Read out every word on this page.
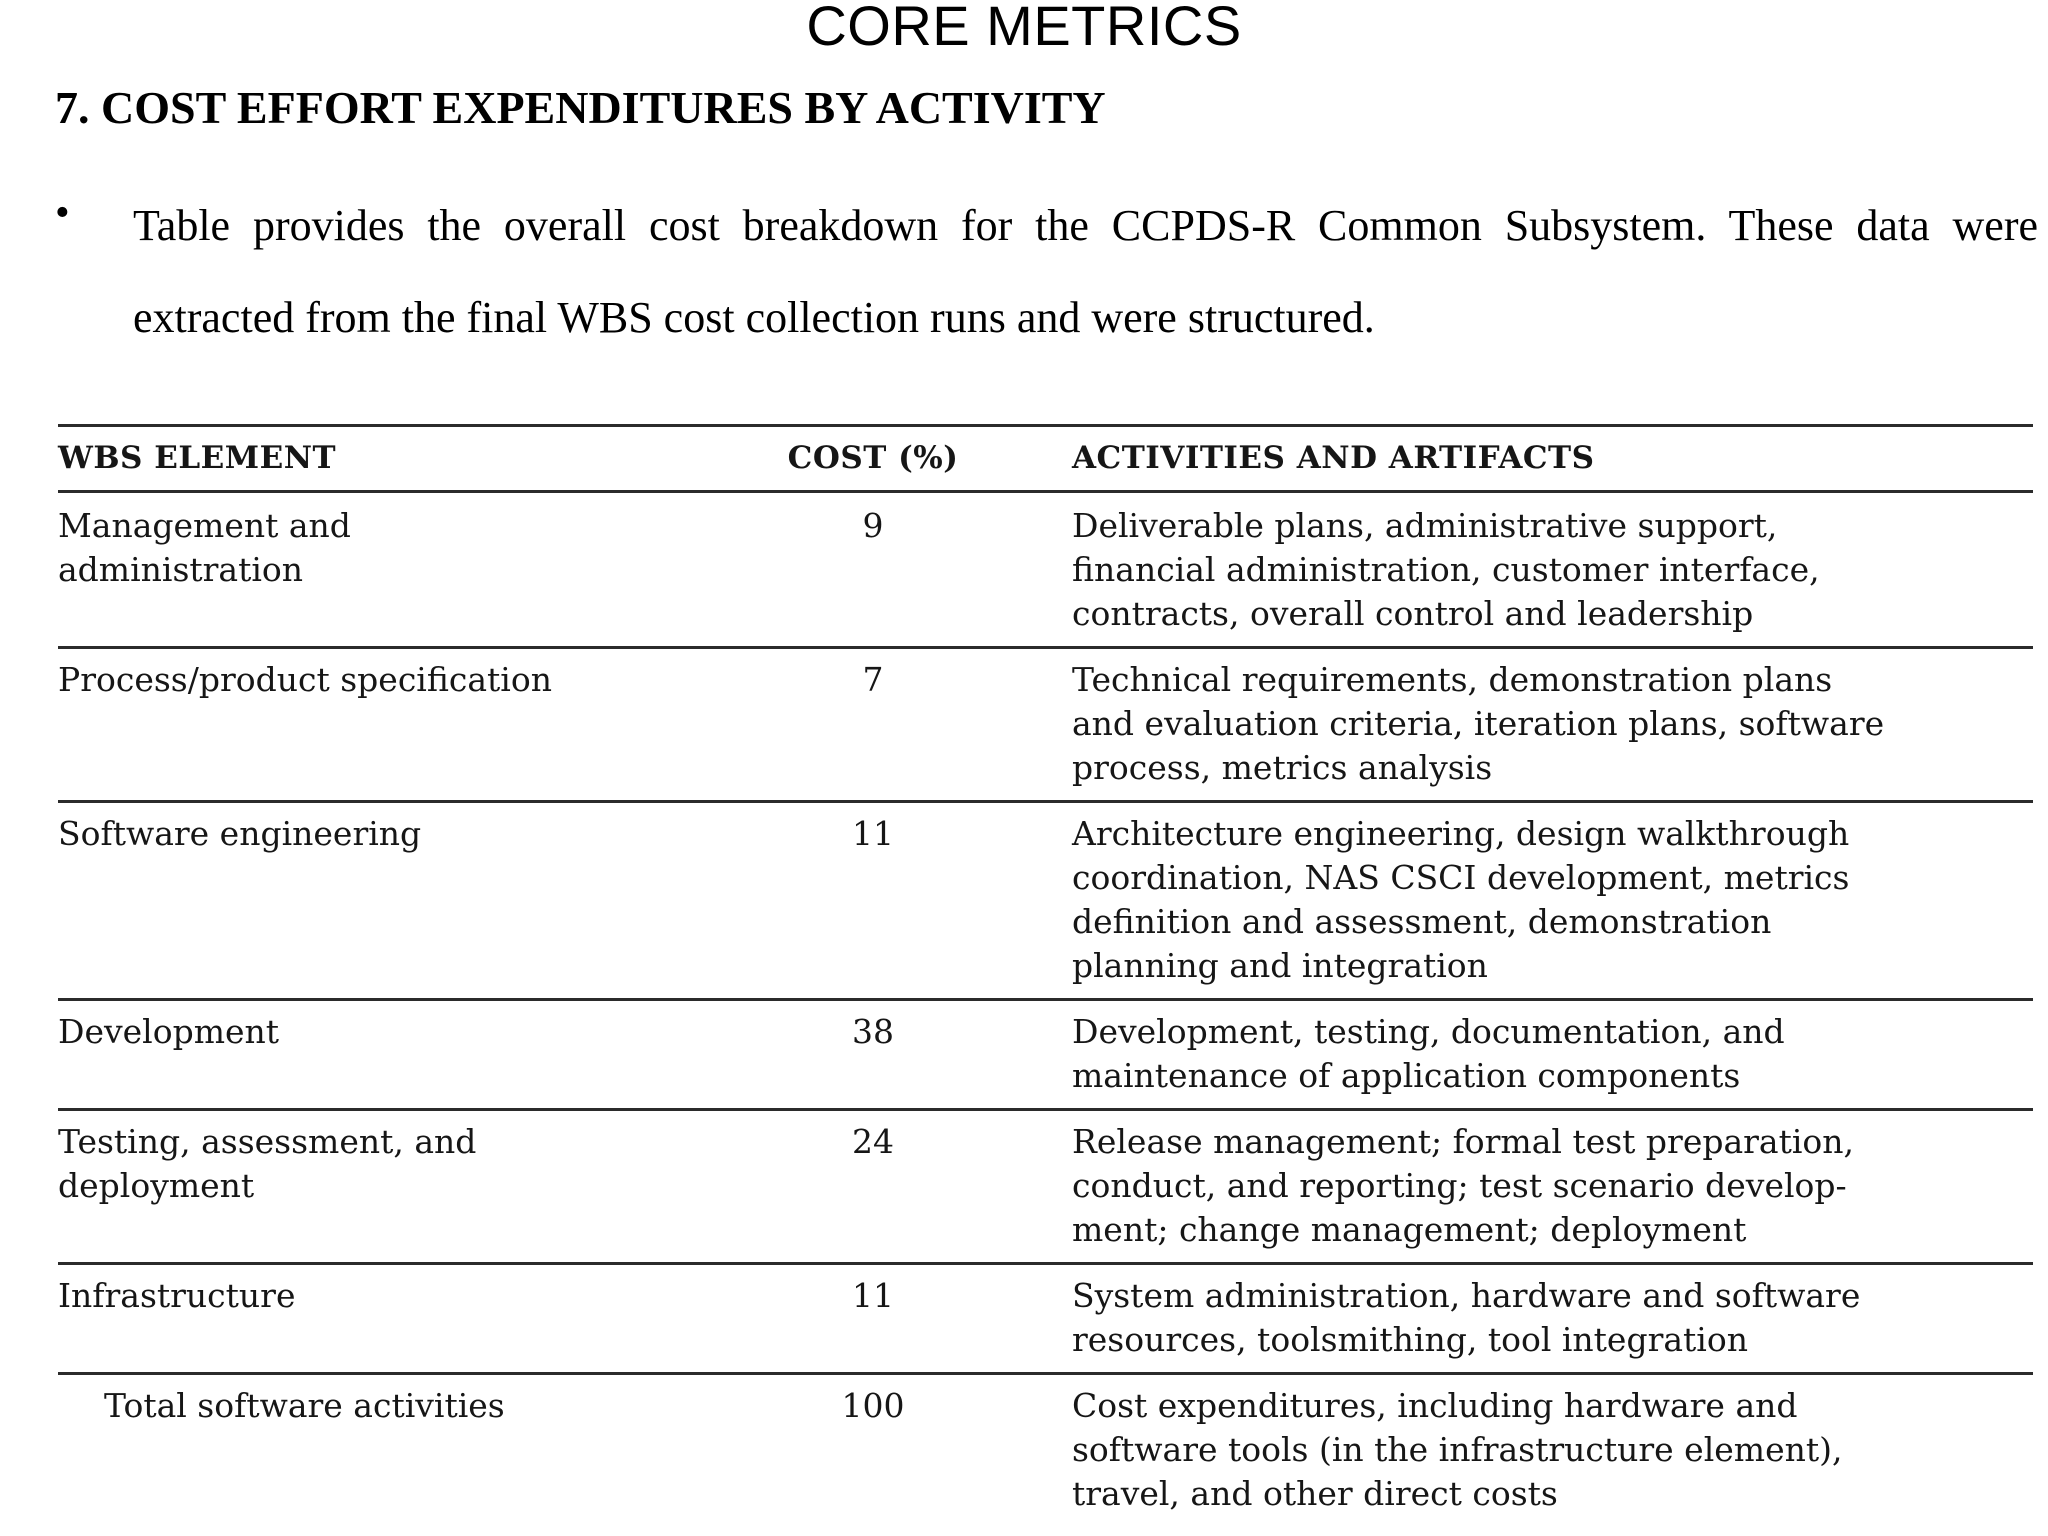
CORE METRICS
7. COST EFFORT EXPENDITURES BY ACTIVITY
• Table provides the overall cost breakdown for the CCPDS-R Common Subsystem. These data were extracted from the final WBS cost collection runs and were structured.
WBS ELEMENT	COST (%)	ACTIVITIES AND ARTIFACTS
Management and
administration
9	Deliverable plans, administrative support,
financial administration, customer interface,
contracts, overall control and leadership
Process/product specification	7	Technical requirements, demonstration plans
and evaluation criteria, iteration plans, software
process, metrics analysis
Software engineering	11	Architecture engineering, design walkthrough
coordination, NAS CSCI development, metrics
definition and assessment, demonstration
planning and integration
Development	38	Development, testing, documentation, and
maintenance of application components
Testing, assessment, and
deployment
24	Release management; formal test preparation,
conduct, and reporting; test scenario develop-
ment; change management; deployment
Infrastructure	11	System administration, hardware and software
resources, toolsmithing, tool integration
Total software activities	100	Cost expenditures, including hardware and
software tools (in the infrastructure element),
travel, and other direct costs
